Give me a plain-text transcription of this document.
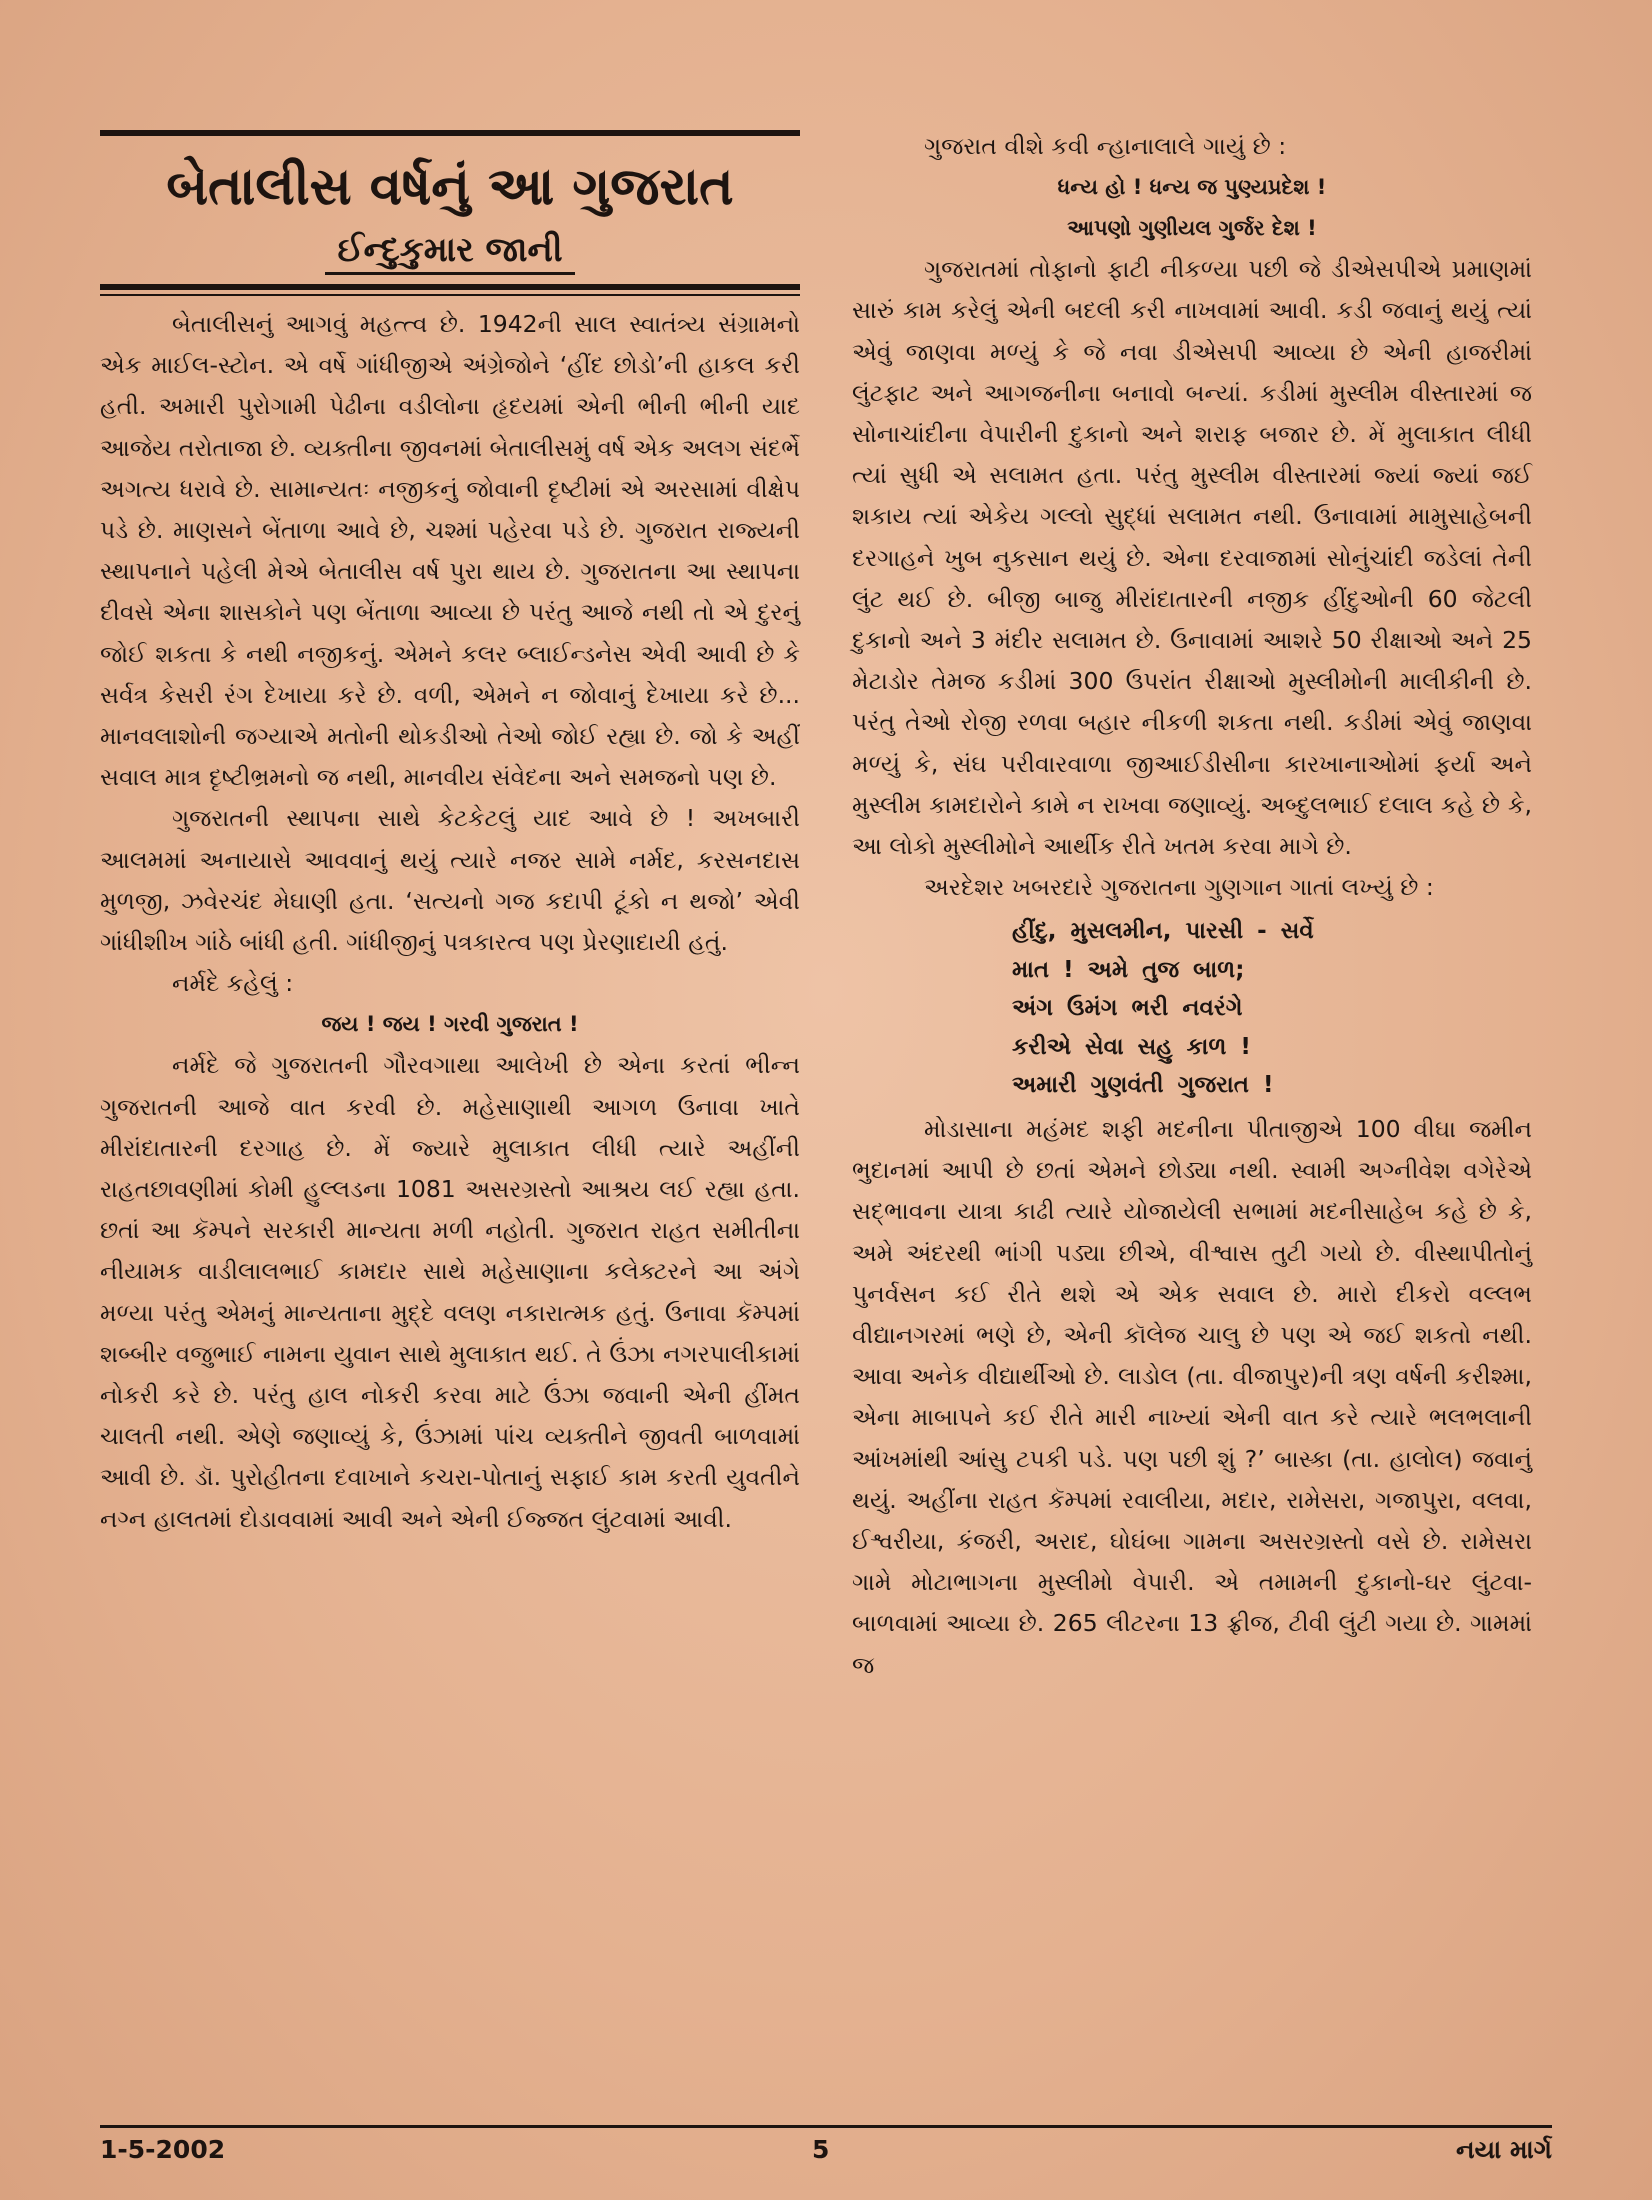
બેતાલીસ વર્ષનું આ ગુજરાત
ઈન્દુકુમાર જાની

બેતાલીસનું આગવું મહત્ત્વ છે. 1942ની સાલ સ્વાતંત્ર્ય સંગ્રામનો એક માઈલ-સ્ટોન. એ વર્ષે ગાંધીજીએ અંગ્રેજોને ‘હીંદ છોડો’ની હાકલ કરી હતી. અમારી પુરોગામી પેઢીના વડીલોના હૃદયમાં એની ભીની ભીની યાદ આજેય તરોતાજા છે. વ્યક્તીના જીવનમાં બેતાલીસમું વર્ષ એક અલગ સંદર્ભે અગત્ય ધરાવે છે. સામાન્યતઃ નજીકનું જોવાની દૃષ્ટીમાં એ અરસામાં વીક્ષેપ પડે છે. માણસને બેંતાળા આવે છે, ચશ્માં પહેરવા પડે છે. ગુજરાત રાજ્યની સ્થાપનાને પહેલી મેએ બેતાલીસ વર્ષ પુરા થાય છે. ગુજરાતના આ સ્થાપના દીવસે એના શાસકોને પણ બેંતાળા આવ્યા છે પરંતુ આજે નથી તો એ દુરનું જોઈ શકતા કે નથી નજીકનું. એમને કલર બ્લાઈન્ડનેસ એવી આવી છે કે સર્વત્ર કેસરી રંગ દેખાયા કરે છે. વળી, એમને ન જોવાનું દેખાયા કરે છે... માનવલાશોની જગ્યાએ મતોની થોકડીઓ તેઓ જોઈ રહ્યા છે. જો કે અહીં સવાલ માત્ર દૃષ્ટીભ્રમનો જ નથી, માનવીય સંવેદના અને સમજનો પણ છે.

ગુજરાતની સ્થાપના સાથે કેટકેટલું યાદ આવે છે ! અખબારી આલમમાં અનાયાસે આવવાનું થયું ત્યારે નજર સામે નર્મદ, કરસનદાસ મુળજી, ઝવેરચંદ મેઘાણી હતા. ‘સત્યનો ગજ કદાપી ટૂંકો ન થજો’ એવી ગાંધીશીખ ગાંઠે બાંધી હતી. ગાંધીજીનું પત્રકારત્વ પણ પ્રેરણાદાયી હતું.

નર્મદે કહેલું :

જય ! જય ! ગરવી ગુજરાત !

નર્મદે જે ગુજરાતની ગૌરવગાથા આલેખી છે એના કરતાં ભીન્ન ગુજરાતની આજે વાત કરવી છે. મહેસાણાથી આગળ ઉનાવા ખાતે મીરાંદાતારની દરગાહ છે. મેં જ્યારે મુલાકાત લીધી ત્યારે અહીંની રાહતછાવણીમાં કોમી હુલ્લડના 1081 અસરગ્રસ્તો આશ્રય લઈ રહ્યા હતા. છતાં આ કૅમ્પને સરકારી માન્યતા મળી નહોતી. ગુજરાત રાહત સમીતીના નીયામક વાડીલાલભાઈ કામદાર સાથે મહેસાણાના કલેક્ટરને આ અંગે મળ્યા પરંતુ એમનું માન્યતાના મુદ્દે વલણ નકારાત્મક હતું. ઉનાવા કૅમ્પમાં શબ્બીર વજુભાઈ નામના યુવાન સાથે મુલાકાત થઈ. તે ઉંઝા નગરપાલીકામાં નોકરી કરે છે. પરંતુ હાલ નોકરી કરવા માટે ઉંઝા જવાની એની હીંમત ચાલતી નથી. એણે જણાવ્યું કે, ઉંઝામાં પાંચ વ્યક્તીને જીવતી બાળવામાં આવી છે. ડૉ. પુરોહીતના દવાખાને કચરા-પોતાનું સફાઈ કામ કરતી યુવતીને નગ્ન હાલતમાં દોડાવવામાં આવી અને એની ઈજ્જત લુંટવામાં આવી.

ગુજરાત વીશે કવી ન્હાનાલાલે ગાયું છે :

ધન્ય હો ! ધન્ય જ પુણ્યપ્રદેશ !

આપણો ગુણીયલ ગુર્જર દેશ !

ગુજરાતમાં તોફાનો ફાટી નીકળ્યા પછી જે ડીએસપીએ પ્રમાણમાં સારું કામ કરેલું એની બદલી કરી નાખવામાં આવી. કડી જવાનું થયું ત્યાં એવું જાણવા મળ્યું કે જે નવા ડીએસપી આવ્યા છે એની હાજરીમાં લુંટફાટ અને આગજનીના બનાવો બન્યાં. કડીમાં મુસ્લીમ વીસ્તારમાં જ સોનાચાંદીના વેપારીની દુકાનો અને શરાફ બજાર છે. મેં મુલાકાત લીધી ત્યાં સુધી એ સલામત હતા. પરંતુ મુસ્લીમ વીસ્તારમાં જ્યાં જ્યાં જઈ શકાય ત્યાં એકેય ગલ્લો સુદ્ધાં સલામત નથી. ઉનાવામાં મામુસાહેબની દરગાહને ખુબ નુકસાન થયું છે. એના દરવાજામાં સોનુંચાંદી જડેલાં તેની લુંટ થઈ છે. બીજી બાજુ મીરાંદાતારની નજીક હીંદુઓની 60 જેટલી દુકાનો અને 3 મંદીર સલામત છે. ઉનાવામાં આશરે 50 રીક્ષાઓ અને 25 મેટાડોર તેમજ કડીમાં 300 ઉપરાંત રીક્ષાઓ મુસ્લીમોની માલીકીની છે. પરંતુ તેઓ રોજી રળવા બહાર નીકળી શકતા નથી. કડીમાં એવું જાણવા મળ્યું કે, સંઘ પરીવારવાળા જીઆઈડીસીના કારખાનાઓમાં ફર્યા અને મુસ્લીમ કામદારોને કામે ન રાખવા જણાવ્યું. અબ્દુલભાઈ દલાલ કહે છે કે, આ લોકો મુસ્લીમોને આર્થીક રીતે ખતમ કરવા માગે છે.

અરદેશર ખબરદારે ગુજરાતના ગુણગાન ગાતાં લખ્યું છે :

હીંદુ, મુસલમીન, પારસી - સર્વે
માત ! અમે તુજ બાળ;
અંગ ઉમંગ ભરી નવરંગે
કરીએ સેવા સહુ કાળ !
અમારી ગુણવંતી ગુજરાત !

મોડાસાના મહંમદ શફી મદનીના પીતાજીએ 100 વીઘા જમીન ભુદાનમાં આપી છે છતાં એમને છોડ્યા નથી. સ્વામી અગ્નીવેશ વગેરેએ સદ્‌ભાવના યાત્રા કાઢી ત્યારે યોજાયેલી સભામાં મદનીસાહેબ કહે છે કે, અમે અંદરથી ભાંગી પડ્યા છીએ, વીશ્વાસ તુટી ગયો છે. વીસ્થાપીતોનું પુનર્વસન કઈ રીતે થશે એ એક સવાલ છે. મારો દીકરો વલ્લભ વીદ્યાનગરમાં ભણે છે, એની કૉલેજ ચાલુ છે પણ એ જઈ શકતો નથી. આવા અનેક વીદ્યાર્થીઓ છે. લાડોલ (તા. વીજાપુર)ની ત્રણ વર્ષની કરીશ્મા, એના માબાપને કઈ રીતે મારી નાખ્યાં એની વાત કરે ત્યારે ભલભલાની આંખમાંથી આંસુ ટપકી પડે. પણ પછી શું ?’ બાસ્કા (તા. હાલોલ) જવાનું થયું. અહીંના રાહત કૅમ્પમાં રવાલીયા, મદાર, રામેસરા, ગજાપુરા, વલવા, ઈશ્વરીયા, કંજરી, અરાદ, ઘોઘંબા ગામના અસરગ્રસ્તો વસે છે. રામેસરા ગામે મોટાભાગના મુસ્લીમો વેપારી. એ તમામની દુકાનો-ઘર લુંટવા-બાળવામાં આવ્યા છે. 265 લીટરના 13 ફ્રીજ, ટીવી લુંટી ગયા છે. ગામમાં જ

1-5-2002	5	નયા માર્ગ
